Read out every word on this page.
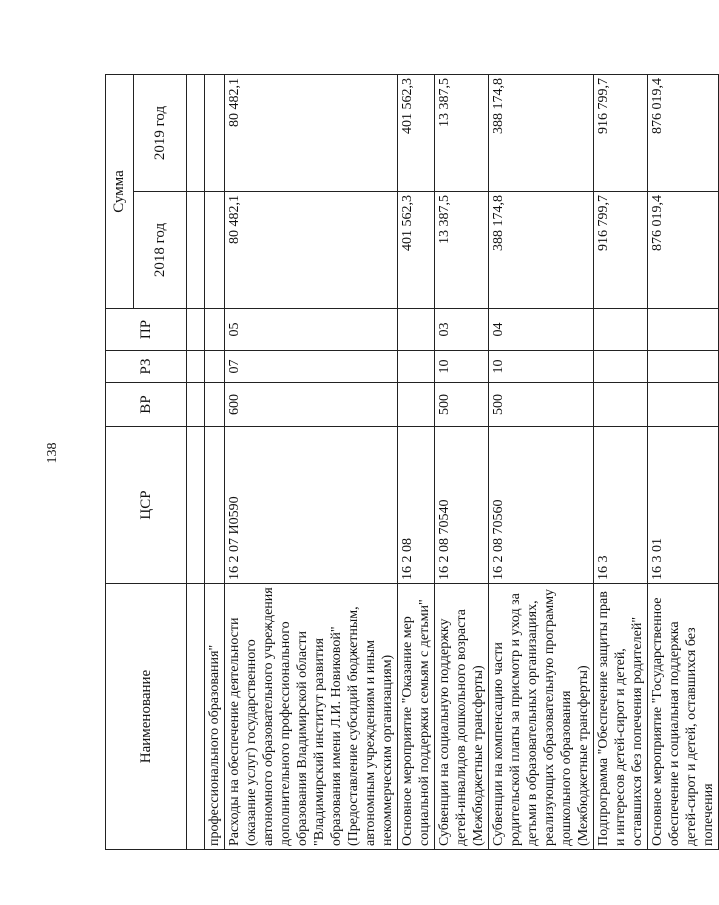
138
Наименование	ЦСР	ВР	РЗ	ПР	Сумма	
					2018 год	2019 год

профессионального образования"						
Расходы на обеспечение деятельности (оказание услуг) государственного автономного образовательного учреждения дополнительного профессионального образования Владимирской области "Владимирский институт развития образования имени Л.И. Новиковой" (Предоставление субсидий бюджетным, автономным учреждениям и иным некоммерческим организациям)	16 2 07 И0590	600	07	05	80 482,1	80 482,1
Основное мероприятие "Оказание мер социальной поддержки семьям с детьми"	16 2 08				401 562,3	401 562,3
Субвенции на социальную поддержку детей-инвалидов дошкольного возраста (Межбюджетные трансферты)	16 2 08 70540	500	10	03	13 387,5	13 387,5
Субвенции на компенсацию части родительской платы за присмотр и уход за детьми в образовательных организациях, реализующих образовательную программу дошкольного образования (Межбюджетные трансферты)	16 2 08 70560	500	10	04	388 174,8	388 174,8
Подпрограмма "Обеспечение защиты прав и интересов детей-сирот и детей, оставшихся без попечения родителей"	16 3				916 799,7	916 799,7
Основное мероприятие "Государственное обеспечение и социальная поддержка детей-сирот и детей, оставшихся без попечения	16 3 01				876 019,4	876 019,4
